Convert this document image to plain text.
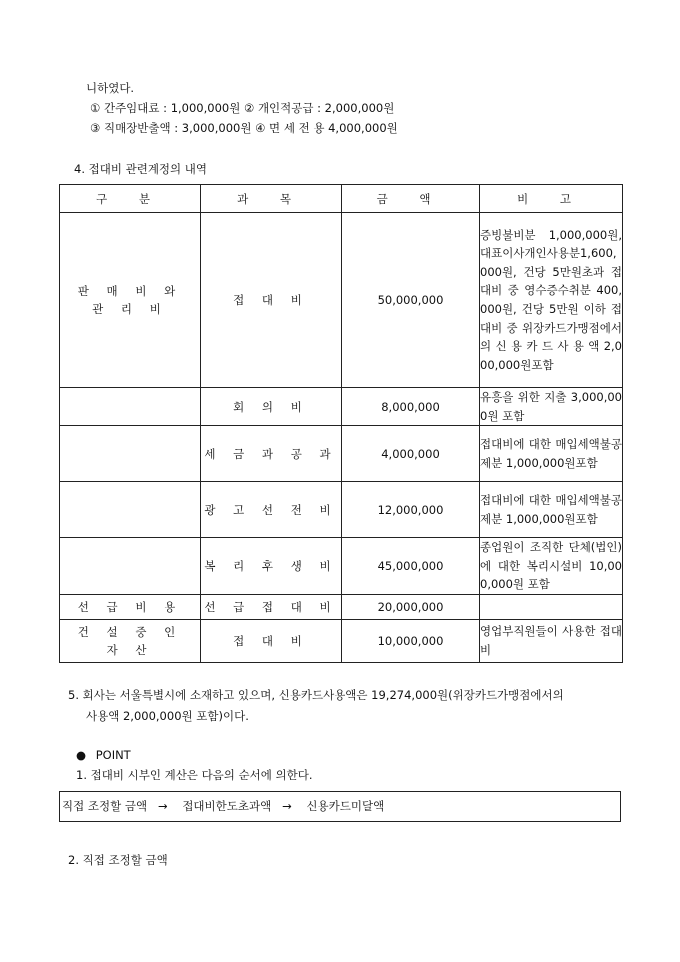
니하였다.
① 간주임대료 : 1,000,000원 ② 개인적공급 : 2,000,000원
③ 직매장반출액 : 3,000,000원 ④ 면 세 전 용 4,000,000원
4. 접대비 관련계정의 내역
구 분	과 목	금 액	비 고
판 매 비 와
관 리 비	접 대 비	50,000,000	증빙불비분 1,000,000원, 대표이사개인사용분1,600,000원, 건당 5만원초과 접대비 중 영수증수취분 400,000원, 건당 5만원 이하 접대비 중 위장카드가맹점에서의 신 용 카 드 사 용 액 2,000,000원포함
	회 의 비	8,000,000	유흥을 위한 지출 3,000,000원 포함
	세 금 과 공 과	4,000,000	접대비에 대한 매입세액불공제분 1,000,000원포함
	광 고 선 전 비	12,000,000	접대비에 대한 매입세액불공제분 1,000,000원포함
	복 리 후 생 비	45,000,000	종업원이 조직한 단체(법인)에 대한 복리시설비 10,000,000원 포함
선 급 비 용	선 급 접 대 비	20,000,000	
건 설 중 인
자 산	접 대 비	10,000,000	영업부직원들이 사용한 접대비
5. 회사는 서울특별시에 소재하고 있으며, 신용카드사용액은 19,274,000원(위장카드가맹점에서의
사용액 2,000,000원 포함)이다.
● POINT
1. 접대비 시부인 계산은 다음의 순서에 의한다.
직접 조정할 금액 → 접대비한도초과액 → 신용카드미달액
2. 직접 조정할 금액
